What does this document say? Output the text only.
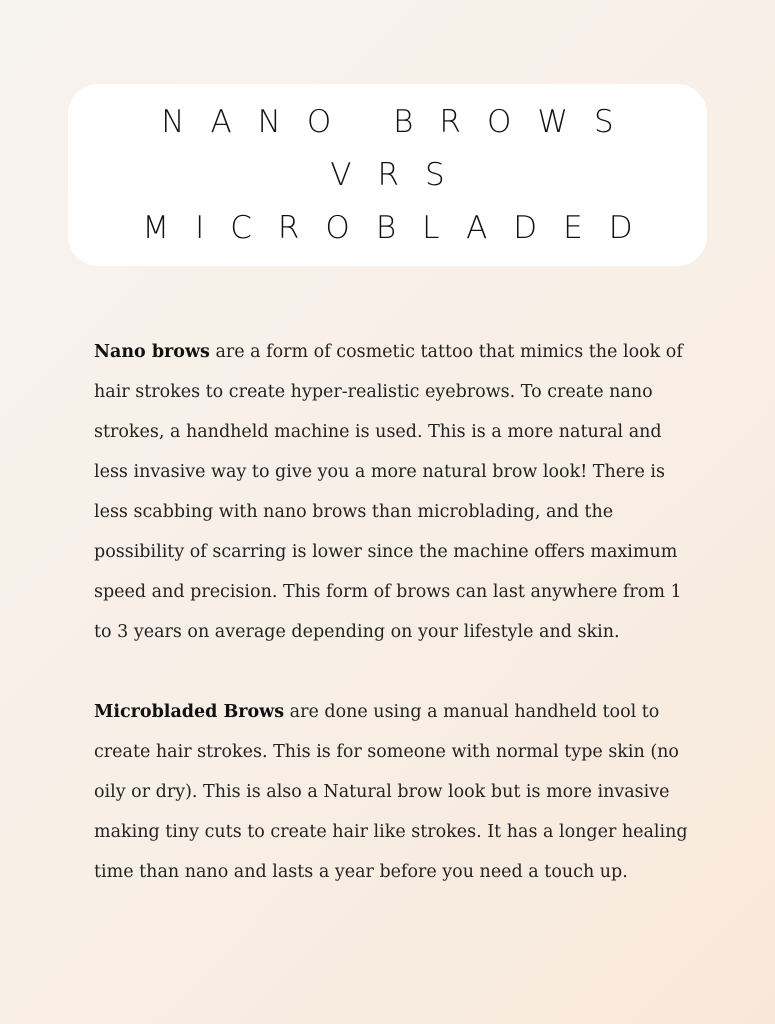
NANO BROWS
VRS
MICROBLADED

Nano brows are a form of cosmetic tattoo that mimics the look of hair strokes to create hyper-realistic eyebrows. To create nano strokes, a handheld machine is used. This is a more natural and less invasive way to give you a more natural brow look! There is less scabbing with nano brows than microblading, and the possibility of scarring is lower since the machine offers maximum speed and precision. This form of brows can last anywhere from 1 to 3 years on average depending on your lifestyle and skin.

Microbladed Brows are done using a manual handheld tool to create hair strokes. This is for someone with normal type skin (no oily or dry). This is also a Natural brow look but is more invasive making tiny cuts to create hair like strokes. It has a longer healing time than nano and lasts a year before you need a touch up.
